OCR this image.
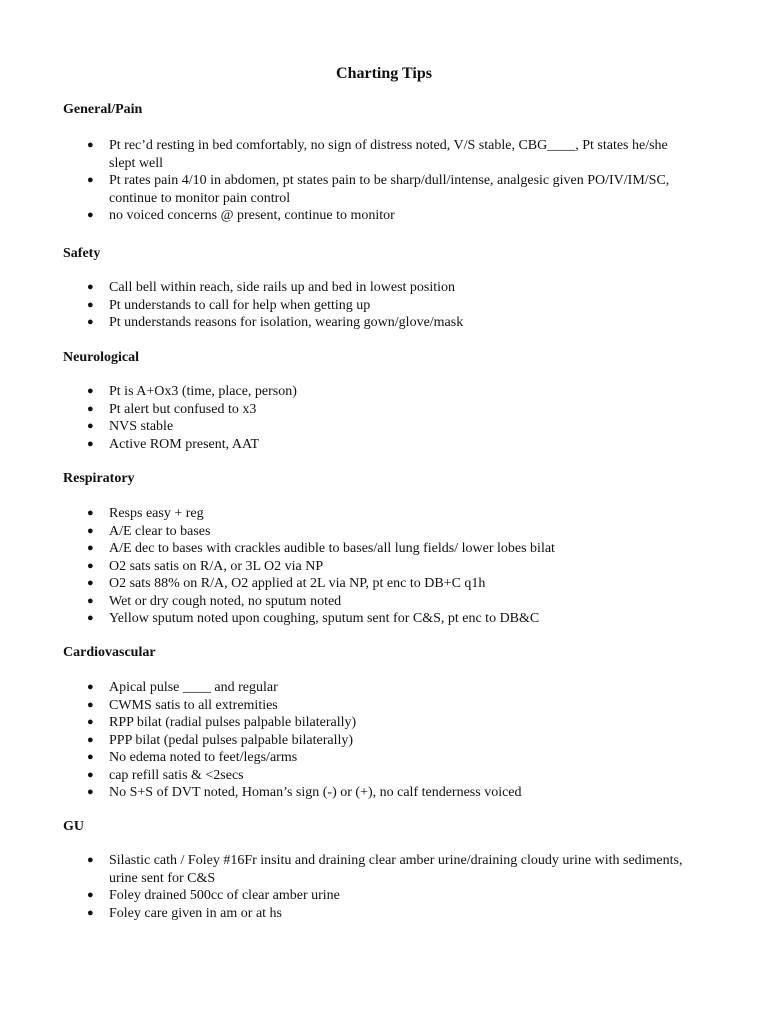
Charting Tips
General/Pain
● Pt rec’d resting in bed comfortably, no sign of distress noted, V/S stable, CBG____, Pt states he/she slept well
● Pt rates pain 4/10 in abdomen, pt states pain to be sharp/dull/intense, analgesic given PO/IV/IM/SC, continue to monitor pain control
● no voiced concerns @ present, continue to monitor
Safety
● Call bell within reach, side rails up and bed in lowest position
● Pt understands to call for help when getting up
● Pt understands reasons for isolation, wearing gown/glove/mask
Neurological
● Pt is A+Ox3 (time, place, person)
● Pt alert but confused to x3
● NVS stable
● Active ROM present, AAT
Respiratory
● Resps easy + reg
● A/E clear to bases
● A/E dec to bases with crackles audible to bases/all lung fields/ lower lobes bilat
● O2 sats satis on R/A, or 3L O2 via NP
● O2 sats 88% on R/A, O2 applied at 2L via NP, pt enc to DB+C q1h
● Wet or dry cough noted, no sputum noted
● Yellow sputum noted upon coughing, sputum sent for C&S, pt enc to DB&C
Cardiovascular
● Apical pulse ____ and regular
● CWMS satis to all extremities
● RPP bilat (radial pulses palpable bilaterally)
● PPP bilat (pedal pulses palpable bilaterally)
● No edema noted to feet/legs/arms
● cap refill satis & <2secs
● No S+S of DVT noted, Homan’s sign (-) or (+), no calf tenderness voiced
GU
● Silastic cath / Foley #16Fr insitu and draining clear amber urine/draining cloudy urine with sediments, urine sent for C&S
● Foley drained 500cc of clear amber urine
● Foley care given in am or at hs
